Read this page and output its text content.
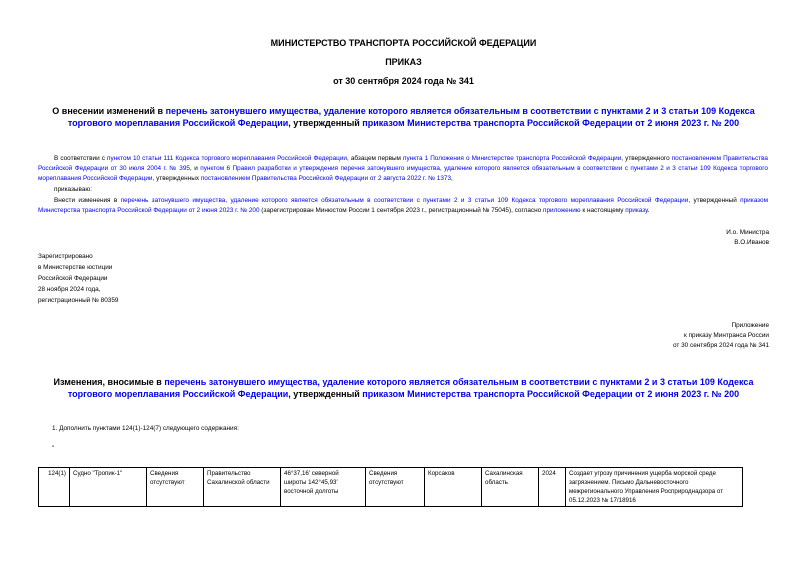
МИНИСТЕРСТВО ТРАНСПОРТА РОССИЙСКОЙ ФЕДЕРАЦИИ
ПРИКАЗ
от 30 сентября 2024 года № 341
О внесении изменений в перечень затонувшего имущества, удаление которого является обязательным в соответствии с пунктами 2 и 3 статьи 109 Кодекса торгового мореплавания Российской Федерации, утвержденный приказом Министерства транспорта Российской Федерации от 2 июня 2023 г. № 200
В соответствии с пунктом 10 статьи 111 Кодекса торгового мореплавания Российской Федерации, абзацем первым пункта 1 Положения о Министерстве транспорта Российской Федерации, утвержденного постановлением Правительства Российской Федерации от 30 июля 2004 г. № 395, и пунктом 6 Правил разработки и утверждения перечня затонувшего имущества, удаление которого является обязательным в соответствии с пунктами 2 и 3 статьи 109 Кодекса торгового мореплавания Российской Федерации, утвержденных постановлением Правительства Российской Федерации от 2 августа 2022 г. № 1373,
приказываю:
Внести изменения в перечень затонувшего имущества, удаление которого является обязательным в соответствии с пунктами 2 и 3 статьи 109 Кодекса торгового мореплавания Российской Федерации, утвержденный приказом Министерства транспорта Российской Федерации от 2 июня 2023 г. № 200 (зарегистрирован Минюстом России 1 сентября 2023 г., регистрационный № 75045), согласно приложению к настоящему приказу.
И.о. Министра
В.О.Иванов
Зарегистрировано
в Министерстве юстиции
Российской Федерации
28 ноября 2024 года,
регистрационный № 80359
Приложение
к приказу Минтранса России
от 30 сентября 2024 года № 341
Изменения, вносимые в перечень затонувшего имущества, удаление которого является обязательным в соответствии с пунктами 2 и 3 статьи 109 Кодекса торгового мореплавания Российской Федерации, утвержденный приказом Министерства транспорта Российской Федерации от 2 июня 2023 г. № 200
1. Дополнить пунктами 124(1)-124(7) следующего содержания:
"
124(1)	Судно "Тропик-1"	Сведения отсутствуют	Правительство Сахалинской области	46°37,16' северной широты 142°45,93' восточной долготы	Сведения отсутствуют	Корсаков	Сахалинская область	2024	Создает угрозу причинения ущерба морской среде загрязнением. Письмо Дальневосточного межрегионального Управления Росприроднадзора от 05.12.2023 № 17/18916
